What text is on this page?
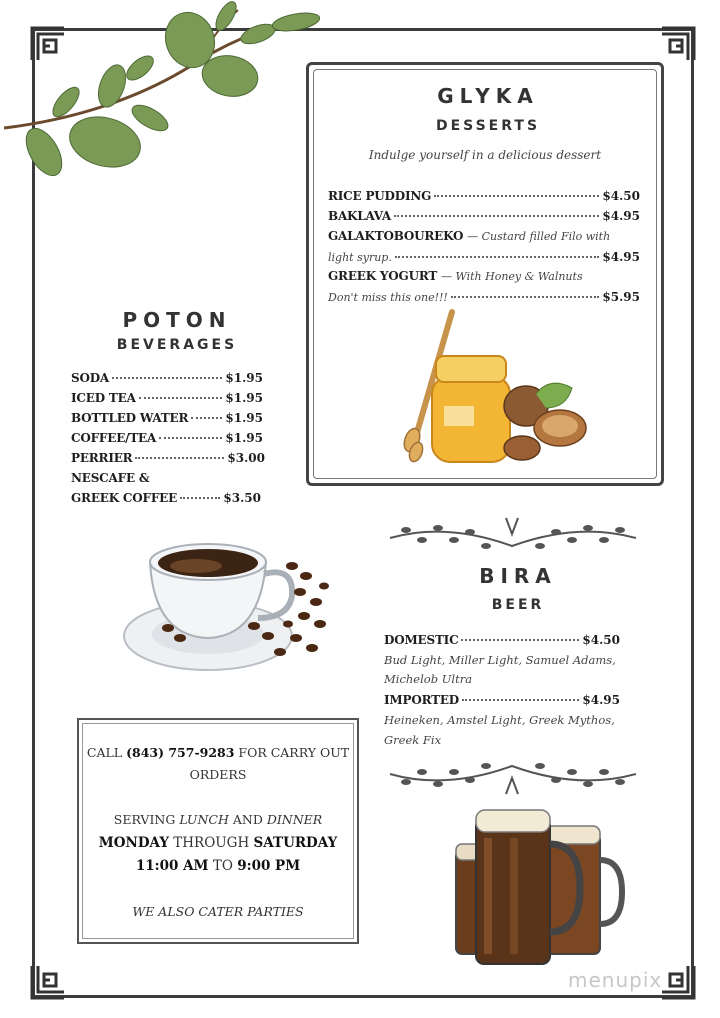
GLYKA
DESSERTS
Indulge yourself in a delicious dessert
RICE PUDDING	$4.50
BAKLAVA	$4.95
GALAKTOBOUREKO
— Custard filled Filo with
light syrup.	$4.95
GREEK YOGURT
— With Honey & Walnuts
Don't miss this one!!!	$5.95
POTON
BEVERAGES
SODA	$1.95
ICED TEA	$1.95
BOTTLED WATER	$1.95
COFFEE/TEA	$1.95
PERRIER	$3.00
NESCAFE &
GREEK COFFEE	$3.50
BIRA
BEER
DOMESTIC	$4.50
Bud Light, Miller Light, Samuel Adams,
Michelob Ultra
IMPORTED	$4.95
Heineken, Amstel Light, Greek Mythos,
Greek Fix
CALL (843) 757-9283 FOR CARRY OUT
ORDERS
SERVING LUNCH AND DINNER
MONDAY THROUGH SATURDAY
11:00 AM TO 9:00 PM
WE ALSO CATER PARTIES
menupix
